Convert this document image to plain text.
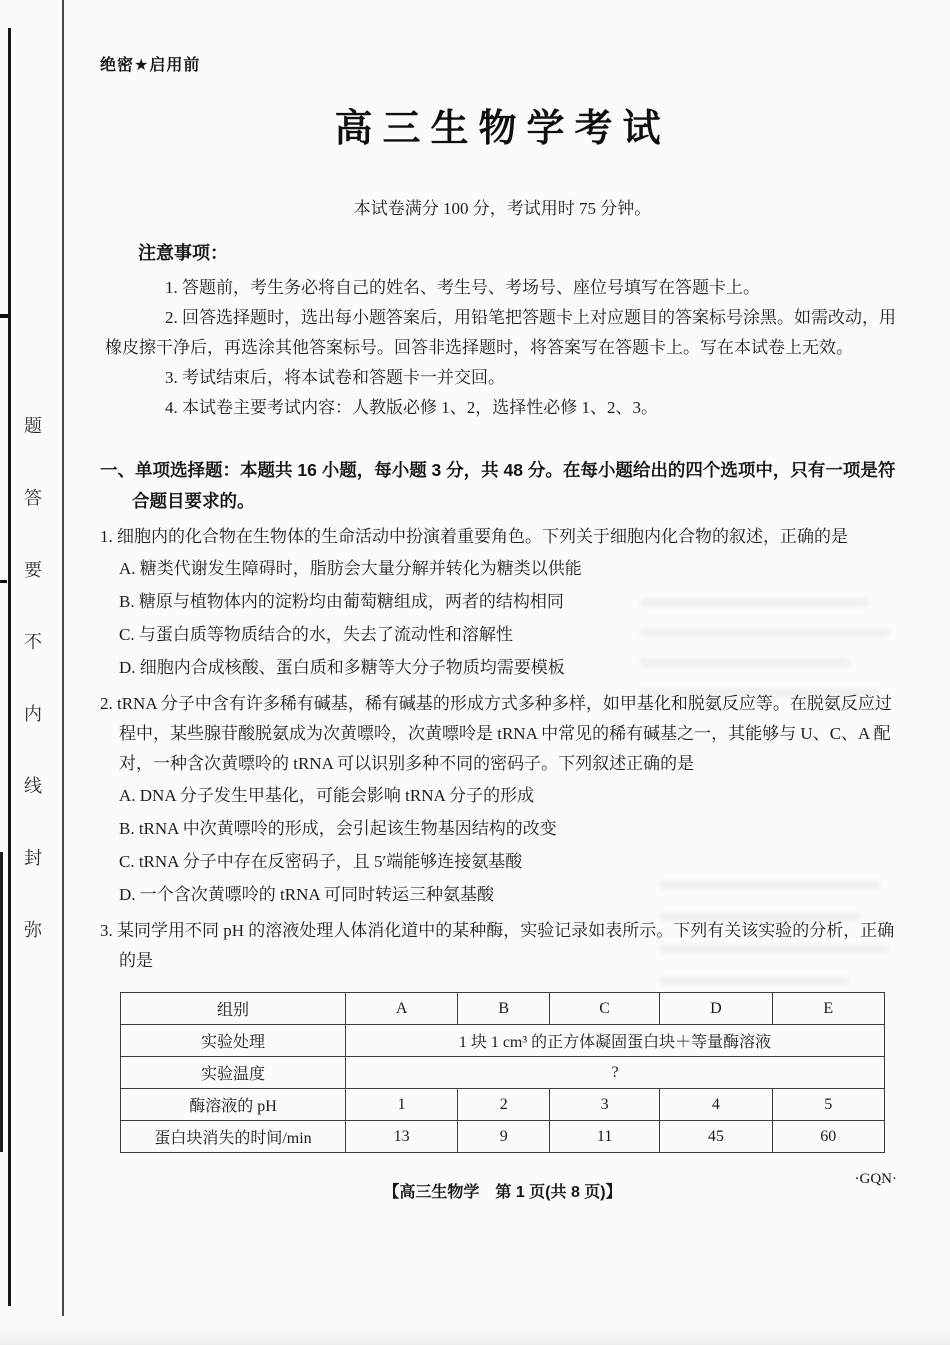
题
答
要
不
内
线
封
弥
绝密★启用前
高三生物学考试
本试卷满分 100 分，考试用时 75 分钟。
注意事项：

1. 答题前，考生务必将自己的姓名、考生号、考场号、座位号填写在答题卡上。

2. 回答选择题时，选出每小题答案后，用铅笔把答题卡上对应题目的答案标号涂黑。如需改动，用橡皮擦干净后，再选涂其他答案标号。回答非选择题时，将答案写在答题卡上。写在本试卷上无效。

3. 考试结束后，将本试卷和答题卡一并交回。

4. 本试卷主要考试内容：人教版必修 1、2，选择性必修 1、2、3。

一、单项选择题：本题共 16 小题，每小题 3 分，共 48 分。在每小题给出的四个选项中，只有一项是符合题目要求的。

1. 细胞内的化合物在生物体的生命活动中扮演着重要角色。下列关于细胞内化合物的叙述，正确的是

A. 糖类代谢发生障碍时，脂肪会大量分解并转化为糖类以供能

B. 糖原与植物体内的淀粉均由葡萄糖组成，两者的结构相同

C. 与蛋白质等物质结合的水，失去了流动性和溶解性

D. 细胞内合成核酸、蛋白质和多糖等大分子物质均需要模板

2. tRNA 分子中含有许多稀有碱基，稀有碱基的形成方式多种多样，如甲基化和脱氨反应等。在脱氨反应过程中，某些腺苷酸脱氨成为次黄嘌呤，次黄嘌呤是 tRNA 中常见的稀有碱基之一，其能够与 U、C、A 配对，一种含次黄嘌呤的 tRNA 可以识别多种不同的密码子。下列叙述正确的是

A. DNA 分子发生甲基化，可能会影响 tRNA 分子的形成

B. tRNA 中次黄嘌呤的形成，会引起该生物基因结构的改变

C. tRNA 分子中存在反密码子，且 5′端能够连接氨基酸

D. 一个含次黄嘌呤的 tRNA 可同时转运三种氨基酸

3. 某同学用不同 pH 的溶液处理人体消化道中的某种酶，实验记录如表所示。下列有关该实验的分析，正确的是

组别	A	B	C	D	E
实验处理	1 块 1 cm³ 的正方体凝固蛋白块＋等量酶溶液				
实验温度	?				
酶溶液的 pH	1	2	3	4	5
蛋白块消失的时间/min	13	9	11	45	60
【高三生物学　第 1 页(共 8 页)】
·GQN·
